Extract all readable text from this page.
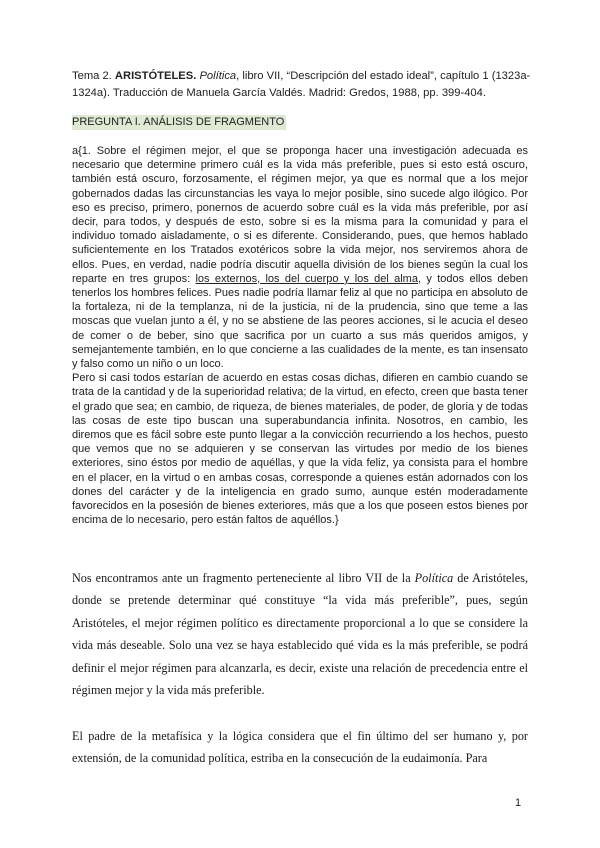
Tema 2. ARISTÓTELES. Política, libro VII, “Descripción del estado ideal”, capítulo 1 (1323a-1324a). Traducción de Manuela García Valdés. Madrid: Gredos, 1988, pp. 399-404.
PREGUNTA I. ANÁLISIS DE FRAGMENTO

a{1. Sobre el régimen mejor, el que se proponga hacer una investigación adecuada es necesario que determine primero cuál es la vida más preferible, pues si esto está oscuro, también está oscuro, forzosamente, el régimen mejor, ya que es normal que a los mejor gobernados dadas las circunstancias les vaya lo mejor posible, sino sucede algo ilógico. Por eso es preciso, primero, ponernos de acuerdo sobre cuál es la vida más preferible, por así decir, para todos, y después de esto, sobre si es la misma para la comunidad y para el individuo tomado aisladamente, o si es diferente. Considerando, pues, que hemos hablado suficientemente en los Tratados exotéricos sobre la vida mejor, nos serviremos ahora de ellos. Pues, en verdad, nadie podría discutir aquella división de los bienes según la cual los reparte en tres grupos: los externos, los del cuerpo y los del alma, y todos ellos deben tenerlos los hombres felices. Pues nadie podría llamar feliz al que no participa en absoluto de la fortaleza, ni de la templanza, ni de la justicia, ni de la prudencia, sino que teme a las moscas que vuelan junto a él, y no se abstiene de las peores acciones, si le acucia el deseo de comer o de beber, sino que sacrifica por un cuarto a sus más queridos amigos, y semejantemente también, en lo que concierne a las cualidades de la mente, es tan insensato y falso como un niño o un loco.

Pero si casi todos estarían de acuerdo en estas cosas dichas, difieren en cambio cuando se trata de la cantidad y de la superioridad relativa; de la virtud, en efecto, creen que basta tener el grado que sea; en cambio, de riqueza, de bienes materiales, de poder, de gloria y de todas las cosas de este tipo buscan una superabundancia infinita. Nosotros, en cambio, les diremos que es fácil sobre este punto llegar a la convicción recurriendo a los hechos, puesto que vemos que no se adquieren y se conservan las virtudes por medio de los bienes exteriores, sino éstos por medio de aquéllas, y que la vida feliz, ya consista para el hombre en el placer, en la virtud o en ambas cosas, corresponde a quienes están adornados con los dones del carácter y de la inteligencia en grado sumo, aunque estén moderadamente favorecidos en la posesión de bienes exteriores, más que a los que poseen estos bienes por encima de lo necesario, pero están faltos de aquéllos.}

Nos encontramos ante un fragmento perteneciente al libro VII de la Política de Aristóteles, donde se pretende determinar qué constituye “la vida más preferible”, pues, según Aristóteles, el mejor régimen político es directamente proporcional a lo que se considere la vida más deseable. Solo una vez se haya establecido qué vida es la más preferible, se podrá definir el mejor régimen para alcanzarla, es decir, existe una relación de precedencia entre el régimen mejor y la vida más preferible.
El padre de la metafísica y la lógica considera que el fin último del ser humano y, por extensión, de la comunidad política, estriba en la consecución de la eudaimonía. Para
1
